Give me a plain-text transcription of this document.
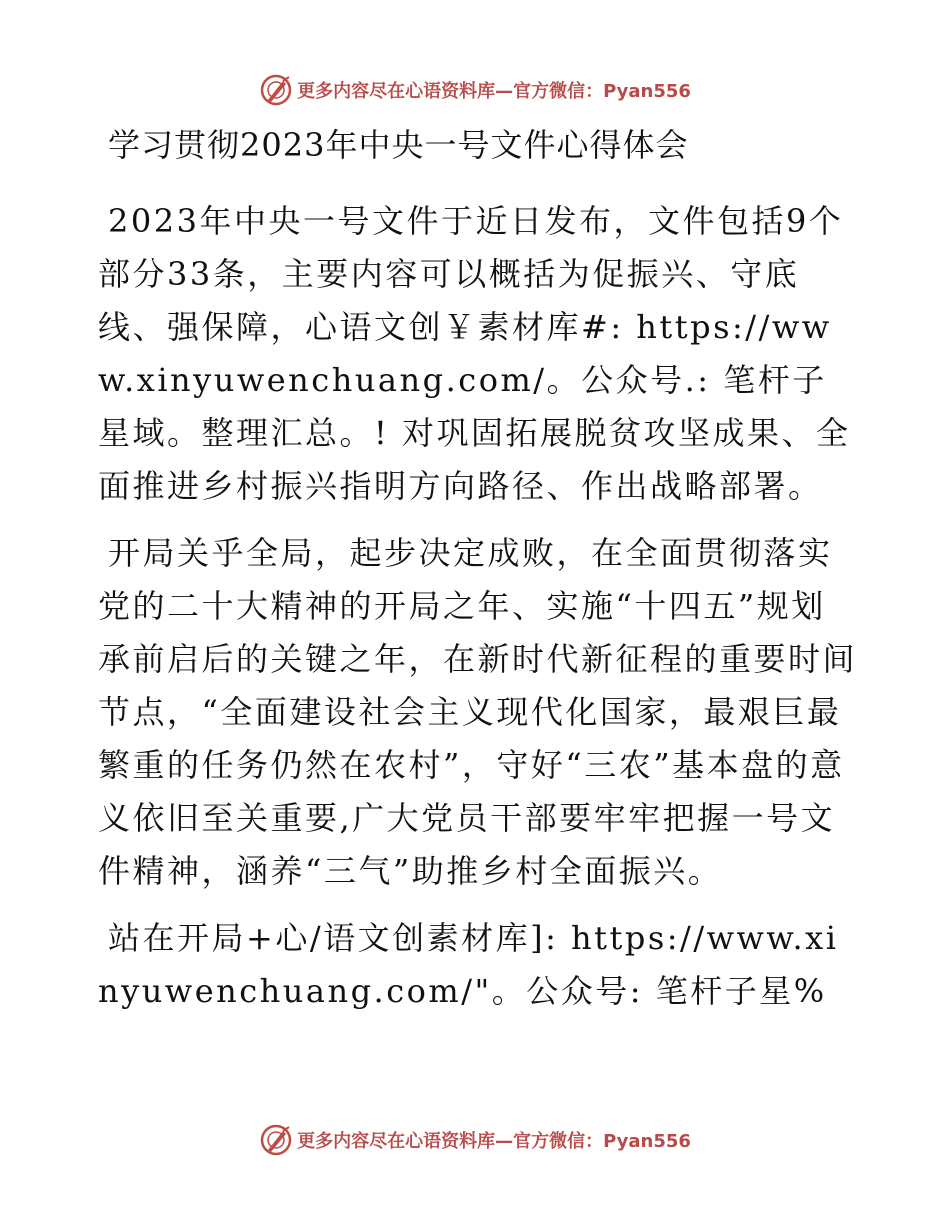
更多内容尽在心语资料库—官方微信：Pyan556
学习贯彻2023年中央一号文件心得体会

2023年中央一号文件于近日发布，文件包括9个部分33条，主要内容可以概括为促振兴、守底线、强保障，心语文创￥素材库#: https://www.xinyuwenchuang.com/。公众号.: 笔杆子星域。整理汇总。! 对巩固拓展脱贫攻坚成果、全面推进乡村振兴指明方向路径、作出战略部署。

开局关乎全局，起步决定成败，在全面贯彻落实党的二十大精神的开局之年、实施“十四五”规划承前启后的关键之年，在新时代新征程的重要时间节点，“全面建设社会主义现代化国家，最艰巨最繁重的任务仍然在农村”，守好“三农”基本盘的意义依旧至关重要,广大党员干部要牢牢把握一号文件精神，涵养“三气”助推乡村全面振兴。

站在开局+心/语文创素材库]: https://www.xinyuwenchuang.com/"。公众号: 笔杆子星%

更多内容尽在心语资料库—官方微信：Pyan556
